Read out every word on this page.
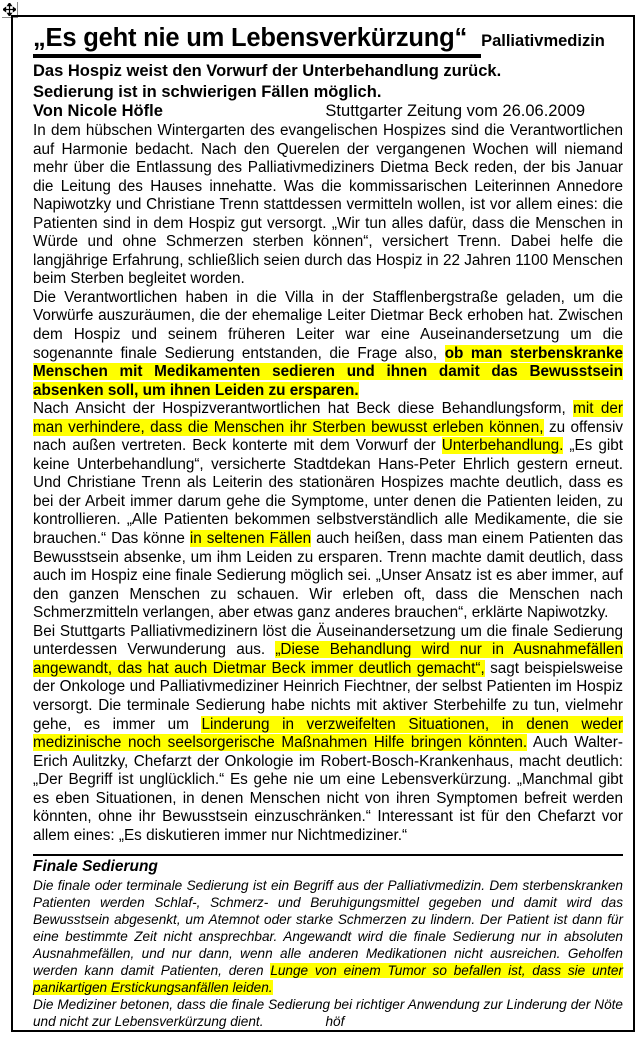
„Es geht nie um Lebensverkürzung“ Palliativmedizin
Das Hospiz weist den Vorwurf der Unterbehandlung zurück.
Sedierung ist in schwierigen Fällen möglich.
Von Nicole Höfle	Stuttgarter Zeitung vom 26.06.2009

In dem hübschen Wintergarten des evangelischen Hospizes sind die Verantwortlichen auf Harmonie bedacht. Nach den Querelen der vergangenen Wochen will niemand mehr über die Entlassung des Palliativmediziners Dietma Beck reden, der bis Januar die Leitung des Hauses innehatte. Was die kommissarischen Leiterinnen Annedore Napiwotzky und Christiane Trenn stattdessen vermitteln wollen, ist vor allem eines: die Patienten sind in dem Hospiz gut versorgt. „Wir tun alles dafür, dass die Menschen in Würde und ohne Schmerzen sterben können“, versichert Trenn. Dabei helfe die langjährige Erfahrung, schließlich seien durch das Hospiz in 22 Jahren 1100 Menschen beim Sterben begleitet worden.

Die Verantwortlichen haben in die Villa in der Stafflenbergstraße geladen, um die Vorwürfe auszuräumen, die der ehemalige Leiter Dietmar Beck erhoben hat. Zwischen dem Hospiz und seinem früheren Leiter war eine Auseinandersetzung um die sogenannte finale Sedierung entstanden, die Frage also, ob man sterbenskranke Menschen mit Medikamenten sedieren und ihnen damit das Bewusstsein absenken soll, um ihnen Leiden zu ersparen.

Nach Ansicht der Hospizverantwortlichen hat Beck diese Behandlungsform, mit der man verhindere, dass die Menschen ihr Sterben bewusst erleben können, zu offensiv nach außen vertreten. Beck konterte mit dem Vorwurf der Unterbehandlung. „Es gibt keine Unterbehandlung“, versicherte Stadtdekan Hans-Peter Ehrlich gestern erneut. Und Christiane Trenn als Leiterin des stationären Hospizes machte deutlich, dass es bei der Arbeit immer darum gehe die Symptome, unter denen die Patienten leiden, zu kontrollieren. „Alle Patienten bekommen selbstverständlich alle Medikamente, die sie brauchen.“ Das könne in seltenen Fällen auch heißen, dass man einem Patienten das Bewusstsein absenke, um ihm Leiden zu ersparen. Trenn machte damit deutlich, dass auch im Hospiz eine finale Sedierung möglich sei. „Unser Ansatz ist es aber immer, auf den ganzen Menschen zu schauen. Wir erleben oft, dass die Menschen nach Schmerzmitteln verlangen, aber etwas ganz anderes brauchen“, erklärte Napiwotzky.

Bei Stuttgarts Palliativmedizinern löst die Äuseinandersetzung um die finale Sedierung unterdessen Verwunderung aus. „Diese Behandlung wird nur in Ausnahmefällen angewandt, das hat auch Dietmar Beck immer deutlich gemacht“, sagt beispielsweise der Onkologe und Palliativmediziner Heinrich Fiechtner, der selbst Patienten im Hospiz versorgt. Die terminale Sedierung habe nichts mit aktiver Sterbehilfe zu tun, vielmehr gehe, es immer um Linderung in verzweifelten Situationen, in denen weder medizinische noch seelsorgerische Maßnahmen Hilfe bringen könnten. Auch Walter-Erich Aulitzky, Chefarzt der Onkologie im Robert-Bosch-Krankenhaus, macht deutlich: „Der Begriff ist unglücklich.“ Es gehe nie um eine Lebensverkürzung. „Manchmal gibt es eben Situationen, in denen Menschen nicht von ihren Symptomen befreit werden könnten, ohne ihr Bewusstsein einzuschränken.“ Interessant ist für den Chefarzt vor allem eines: „Es diskutieren immer nur Nichtmediziner.“

Finale Sedierung

Die finale oder terminale Sedierung ist ein Begriff aus der Palliativmedizin. Dem sterbenskranken Patienten werden Schlaf-, Schmerz- und Beruhigungsmittel gegeben und damit wird das Bewusstsein abgesenkt, um Atemnot oder starke Schmerzen zu lindern. Der Patient ist dann für eine bestimmte Zeit nicht ansprechbar. Angewandt wird die finale Sedierung nur in absoluten Ausnahmefällen, und nur dann, wenn alle anderen Medikationen nicht ausreichen. Geholfen werden kann damit Patienten, deren Lunge von einem Tumor so befallen ist, dass sie unter panikartigen Erstickungsanfällen leiden.

Die Mediziner betonen, dass die finale Sedierung bei richtiger Anwendung zur Linderung der Nöte und nicht zur Lebensverkürzung dient.	höf
